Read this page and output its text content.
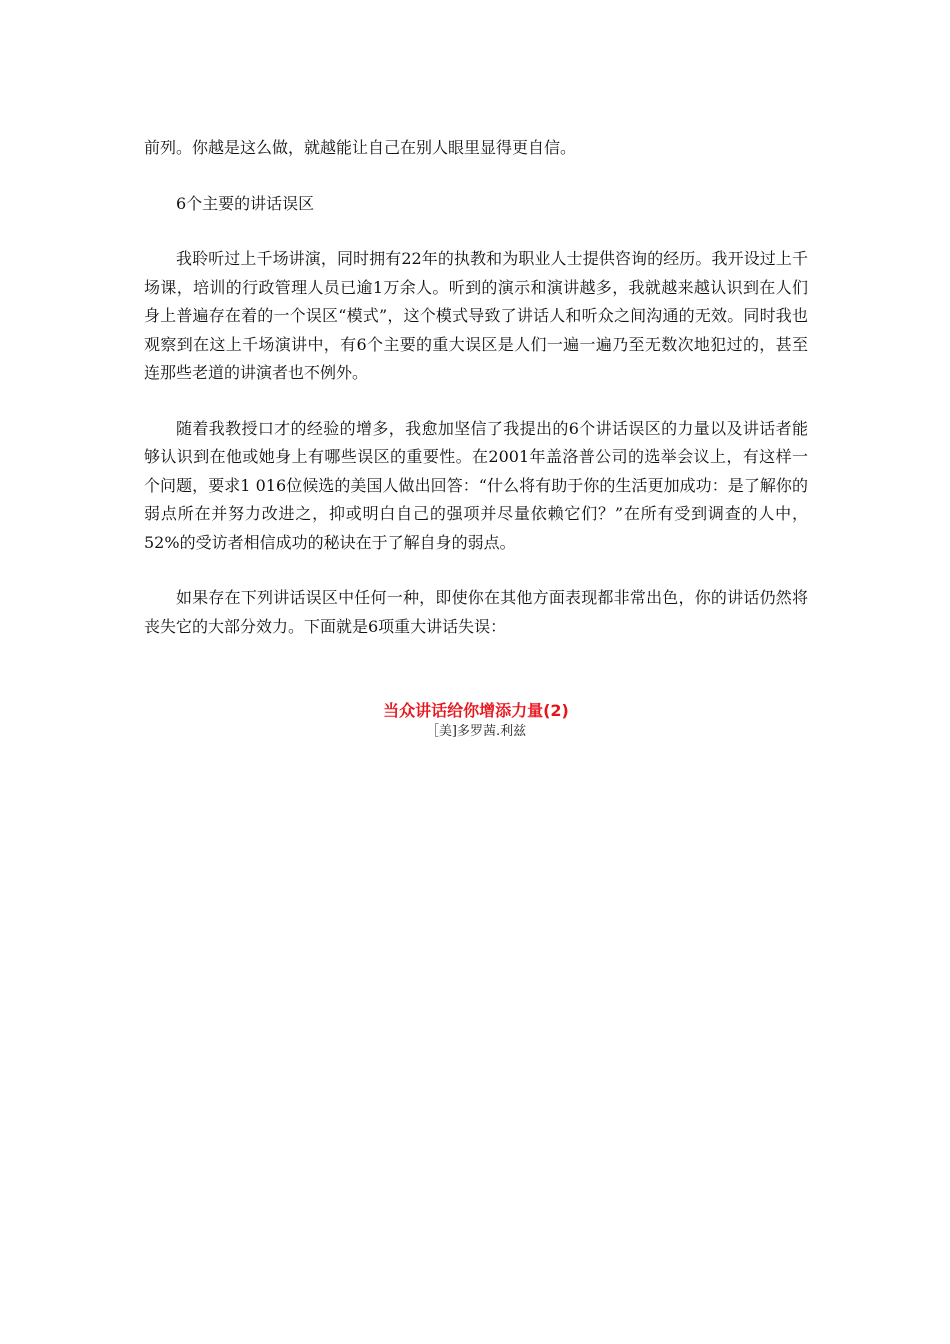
前列。你越是这么做，就越能让自己在别人眼里显得更自信。

6个主要的讲话误区

我聆听过上千场讲演，同时拥有22年的执教和为职业人士提供咨询的经历。我开设过上千场课，培训的行政管理人员已逾1万余人。听到的演示和演讲越多，我就越来越认识到在人们身上普遍存在着的一个误区“模式”，这个模式导致了讲话人和听众之间沟通的无效。同时我也观察到在这上千场演讲中，有6个主要的重大误区是人们一遍一遍乃至无数次地犯过的，甚至连那些老道的讲演者也不例外。

随着我教授口才的经验的增多，我愈加坚信了我提出的6个讲话误区的力量以及讲话者能够认识到在他或她身上有哪些误区的重要性。在2001年盖洛普公司的选举会议上，有这样一个问题，要求1 016位候选的美国人做出回答：“什么将有助于你的生活更加成功：是了解你的弱点所在并努力改进之，抑或明白自己的强项并尽量依赖它们？”在所有受到调查的人中，52%的受访者相信成功的秘诀在于了解自身的弱点。

如果存在下列讲话误区中任何一种，即使你在其他方面表现都非常出色，你的讲话仍然将丧失它的大部分效力。下面就是6项重大讲话失误：

当众讲话给你增添力量(2)

［美]多罗茜.利兹
